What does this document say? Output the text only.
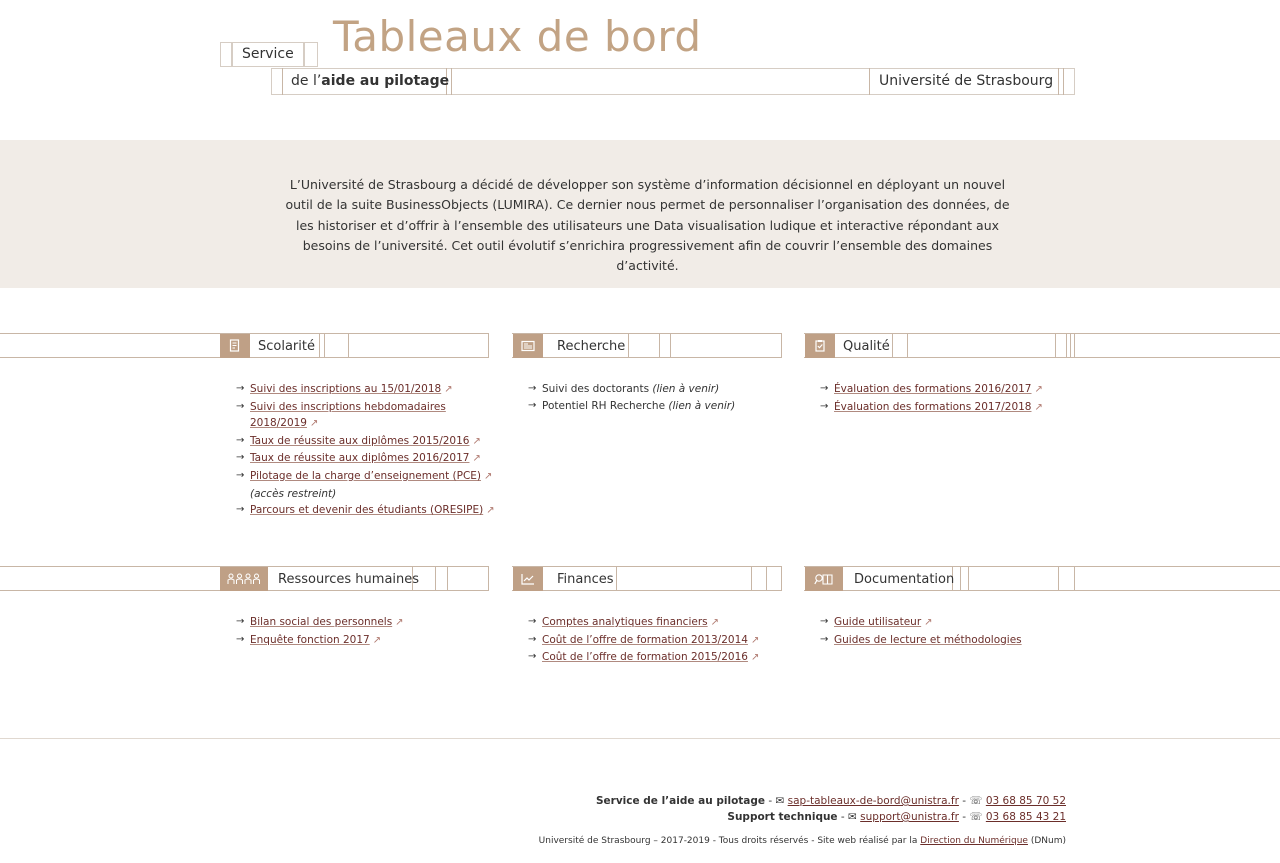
Tableaux de bord
Service
de l’aide au pilotage	Université de Strasbourg

L’Université de Strasbourg a décidé de développer son système d’information décisionnel en déployant un nouvel outil de la suite BusinessObjects (LUMIRA). Ce dernier nous permet de personnaliser l’organisation des données, de les historiser et d’offrir à l’ensemble des utilisateurs une Data visualisation ludique et interactive répondant aux besoins de l’université. Cet outil évolutif s’enrichira progressivement afin de couvrir l’ensemble des domaines d’activité.

Scolarité
→ Suivi des inscriptions au 15/01/2018 ↗
→ Suivi des inscriptions hebdomadaires 2018/2019 ↗
→ Taux de réussite aux diplômes 2015/2016 ↗
→ Taux de réussite aux diplômes 2016/2017 ↗
→ Pilotage de la charge d’enseignement (PCE) ↗
(accès restreint)
→ Parcours et devenir des étudiants (ORESIPE) ↗
Recherche
→ Suivi des doctorants (lien à venir)
→ Potentiel RH Recherche (lien à venir)
Qualité
→ Évaluation des formations 2016/2017 ↗
→ Évaluation des formations 2017/2018 ↗
Ressources humaines
→ Bilan social des personnels ↗
→ Enquête fonction 2017 ↗
Finances
→ Comptes analytiques financiers ↗
→ Coût de l’offre de formation 2013/2014 ↗
→ Coût de l’offre de formation 2015/2016 ↗
Documentation
→ Guide utilisateur ↗
→ Guides de lecture et méthodologies
Service de l’aide au pilotage - ✉ sap-tableaux-de-bord@unistra.fr - ☏ 03 68 85 70 52
Support technique - ✉ support@unistra.fr - ☏ 03 68 85 43 21
Université de Strasbourg – 2017-2019 - Tous droits réservés - Site web réalisé par la Direction du Numérique (DNum)
